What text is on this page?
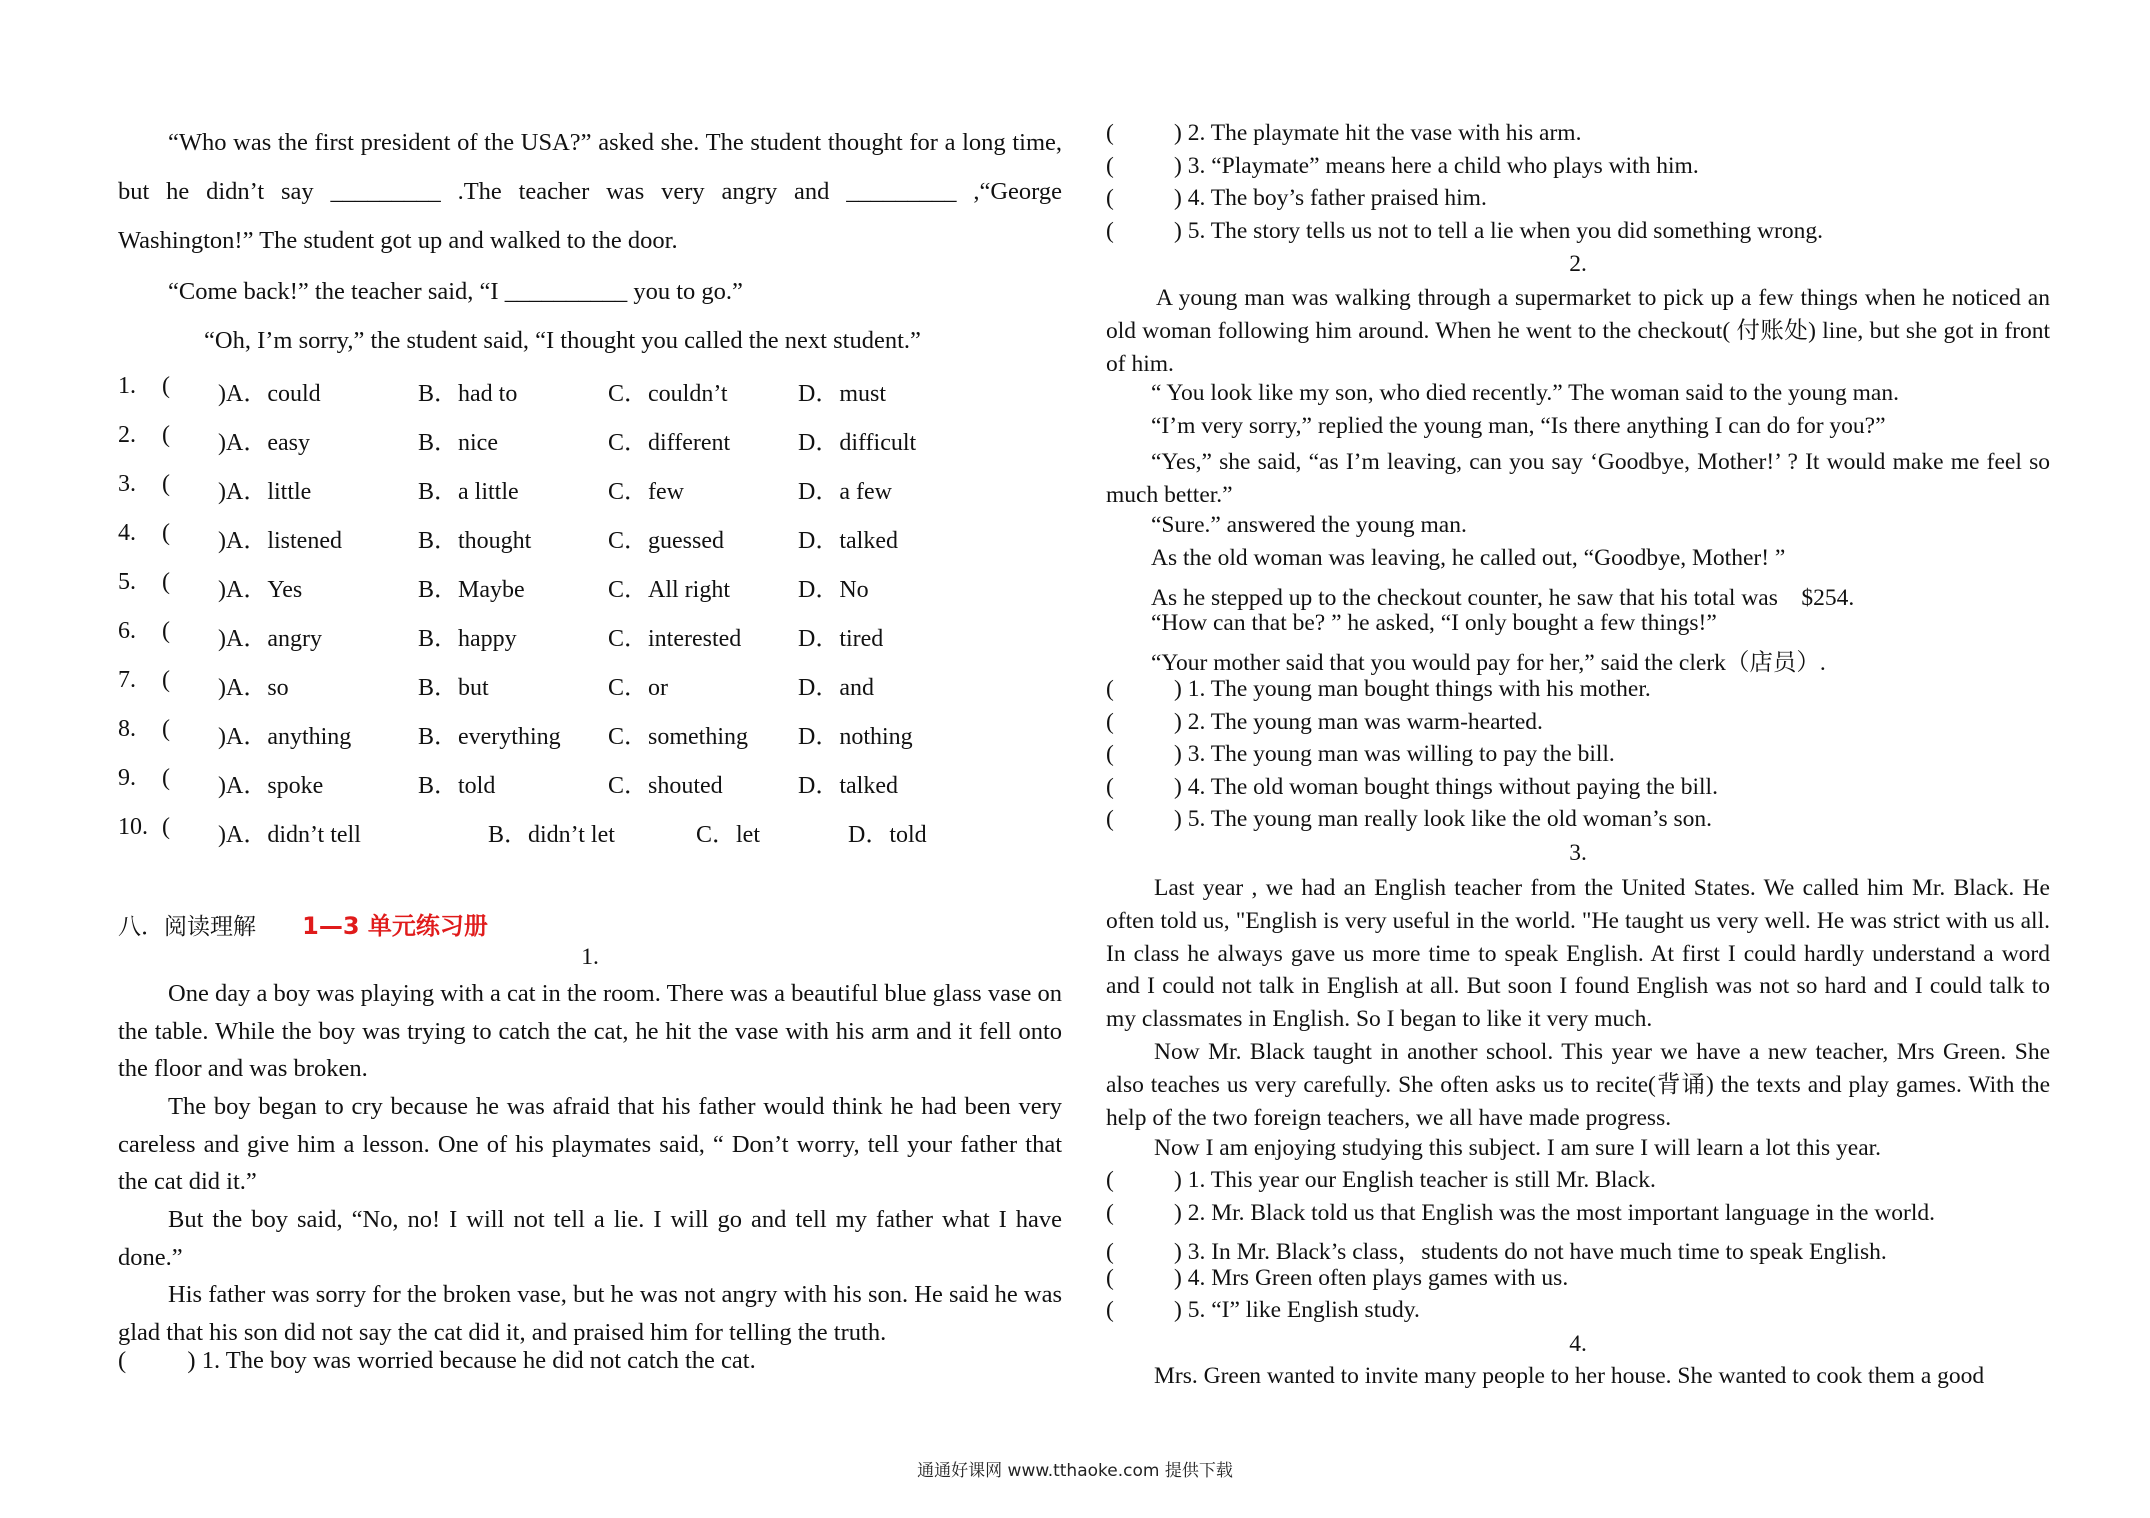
“Who was the first president of the USA?” asked she. The student thought for a long time, but he didn’t say _________ .The teacher was very angry and _________ ,“George Washington!” The student got up and walked to the door.
“Come back!” the teacher said, “I __________ you to go.”
“Oh, I’m sorry,” the student said, “I thought you called the next student.”
1. ( )A．could	B．had to	C．couldn’t	D．must
2. ( )A．easy	B．nice	C．different	D．difficult
3. ( )A．little	B．a little	C．few	D．a few
4. ( )A．listened	B．thought	C．guessed	D．talked
5. ( )A．Yes	B．Maybe	C．All right	D．No
6. ( )A．angry	B．happy	C．interested D．tired
7. ( )A．so	B．but	C．or	D．and
8. ( )A．anything	B．everything C．something D．nothing
9. ( )A．spoke	B．told	C．shouted	D．talked
10. ( )A．didn’t tell	B．didn’t let	C．let	D．told
八．阅读理解 1—3 单元练习册
1.
One day a boy was playing with a cat in the room. There was a beautiful blue glass vase on the table. While the boy was trying to catch the cat, he hit the vase with his arm and it fell onto the floor and was broken.
The boy began to cry because he was afraid that his father would think he had been very careless and give him a lesson. One of his playmates said, “ Don’t worry, tell your father that the cat did it.”
But the boy said, “No, no! I will not tell a lie. I will go and tell my father what I have done.”
His father was sorry for the broken vase, but he was not angry with his son. He said he was glad that his son did not say the cat did it, and praised him for telling the truth.
(          ) 1. The boy was worried because he did not catch the cat.
(	) 2. The playmate hit the vase with his arm.
(	) 3. “Playmate” means here a child who plays with him.
(	) 4. The boy’s father praised him.
(	) 5. The story tells us not to tell a lie when you did something wrong.
2.
A young man was walking through a supermarket to pick up a few things when he noticed an old woman following him around. When he went to the checkout( 付账处) line, but she got in front of him.
“ You look like my son, who died recently.” The woman said to the young man.
“I’m very sorry,” replied the young man, “Is there anything I can do for you?”
“Yes,” she said, “as I’m leaving, can you say ‘Goodbye, Mother!’ ? It would make me feel so much better.”
“Sure.” answered the young man.
As the old woman was leaving, he called out, “Goodbye, Mother! ”
As he stepped up to the checkout counter, he saw that his total was　$254.
“How can that be? ” he asked, “I only bought a few things!”
“Your mother said that you would pay for her,” said the clerk（店员）.
(	) 1. The young man bought things with his mother.
(	) 2. The young man was warm-hearted.
(	) 3. The young man was willing to pay the bill.
(	) 4. The old woman bought things without paying the bill.
(	) 5. The young man really look like the old woman’s son.
3.
Last year , we had an English teacher from the United States. We called him Mr. Black. He often told us, "English is very useful in the world. "He taught us very well. He was strict with us all. In class he always gave us more time to speak English. At first I could hardly understand a word and I could not talk in English at all. But soon I found English was not so hard and I could talk to my classmates in English. So I began to like it very much.
Now Mr. Black taught in another school. This year we have a new teacher, Mrs Green. She also teaches us very carefully. She often asks us to recite(背诵) the texts and play games. With the help of the two foreign teachers, we all have made progress.
Now I am enjoying studying this subject. I am sure I will learn a lot this year.
(	) 1. This year our English teacher is still Mr. Black.
(	) 2. Mr. Black told us that English was the most important language in the world.
(	) 3. In Mr. Black’s class，students do not have much time to speak English.
(	) 4. Mrs Green often plays games with us.
(	) 5. “I” like English study.
4.
Mrs. Green wanted to invite many people to her house. She wanted to cook them a good
通通好课网 www.tthaoke.com 提供下载
